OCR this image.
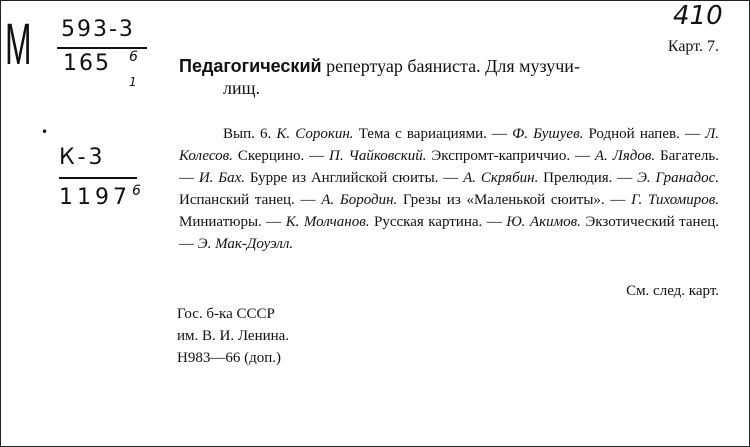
М 593-3
165 6
1
•
К-3
1197 6
410
Карт. 7.
Педагогический репертуар баяниста. Для музучи-
лищ.
Вып. 6. К. Сорокин. Тема с вариациями. — Ф. Бушуев. Родной напев. — Л. Колесов. Скерцино. — П. Чайковский. Экспромт-каприччио. — А. Лядов. Багатель. — И. Бах. Бурре из Английской сюиты. — А. Скрябин. Прелюдия. — Э. Гранадос. Испанский танец. — А. Бородин. Грезы из «Маленькой сюиты». — Г. Тихомиров. Миниатюры. — К. Молчанов. Русская картина. — Ю. Акимов. Экзотический танец. — Э. Мак-Доуэлл.
См. след. карт.
Гос. б-ка СССР
им. В. И. Ленина.
Н983—66 (доп.)
